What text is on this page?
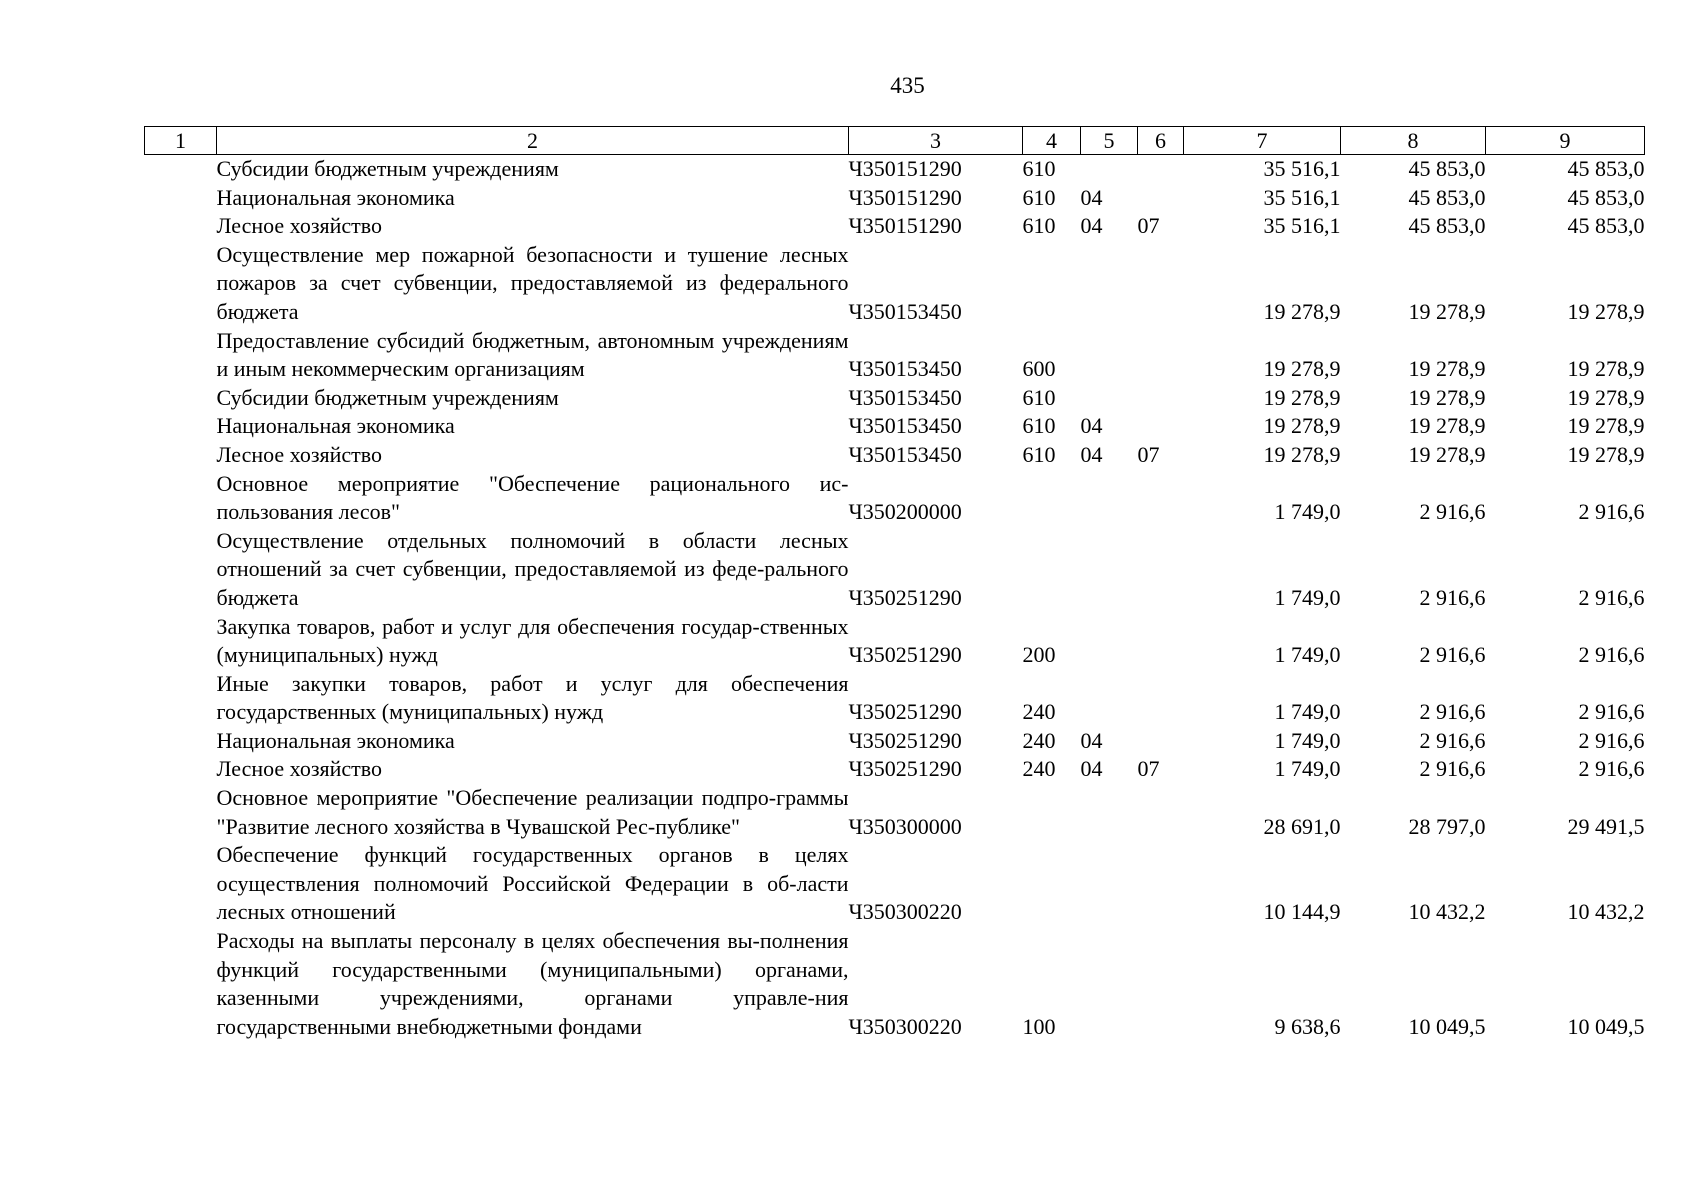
435
1	2	3	4	5	6	7	8	9
	Субсидии бюджетным учреждениям	Ч350151290	610			35 516,1	45 853,0	45 853,0
	Национальная экономика	Ч350151290	610	04		35 516,1	45 853,0	45 853,0
	Лесное хозяйство	Ч350151290	610	04	07	35 516,1	45 853,0	45 853,0
	Осуществление мер пожарной безопасности и тушение лесных пожаров за счет субвенции, предоставляемой из федерального бюджета	Ч350153450				19 278,9	19 278,9	19 278,9
	Предоставление субсидий бюджетным, автономным учреждениям и иным некоммерческим организациям	Ч350153450	600			19 278,9	19 278,9	19 278,9
	Субсидии бюджетным учреждениям	Ч350153450	610			19 278,9	19 278,9	19 278,9
	Национальная экономика	Ч350153450	610	04		19 278,9	19 278,9	19 278,9
	Лесное хозяйство	Ч350153450	610	04	07	19 278,9	19 278,9	19 278,9
	Основное мероприятие "Обеспечение рационального ис-пользования лесов"	Ч350200000				1 749,0	2 916,6	2 916,6
	Осуществление отдельных полномочий в области лесных отношений за счет субвенции, предоставляемой из феде-рального бюджета	Ч350251290				1 749,0	2 916,6	2 916,6
	Закупка товаров, работ и услуг для обеспечения государ-ственных (муниципальных) нужд	Ч350251290	200			1 749,0	2 916,6	2 916,6
	Иные закупки товаров, работ и услуг для обеспечения государственных (муниципальных) нужд	Ч350251290	240			1 749,0	2 916,6	2 916,6
	Национальная экономика	Ч350251290	240	04		1 749,0	2 916,6	2 916,6
	Лесное хозяйство	Ч350251290	240	04	07	1 749,0	2 916,6	2 916,6
	Основное мероприятие "Обеспечение реализации подпро-граммы "Развитие лесного хозяйства в Чувашской Рес-публике"	Ч350300000				28 691,0	28 797,0	29 491,5
	Обеспечение функций государственных органов в целях осуществления полномочий Российской Федерации в об-ласти лесных отношений	Ч350300220				10 144,9	10 432,2	10 432,2
	Расходы на выплаты персоналу в целях обеспечения вы-полнения функций государственными (муниципальными) органами, казенными учреждениями, органами управле-ния государственными внебюджетными фондами	Ч350300220	100			9 638,6	10 049,5	10 049,5
